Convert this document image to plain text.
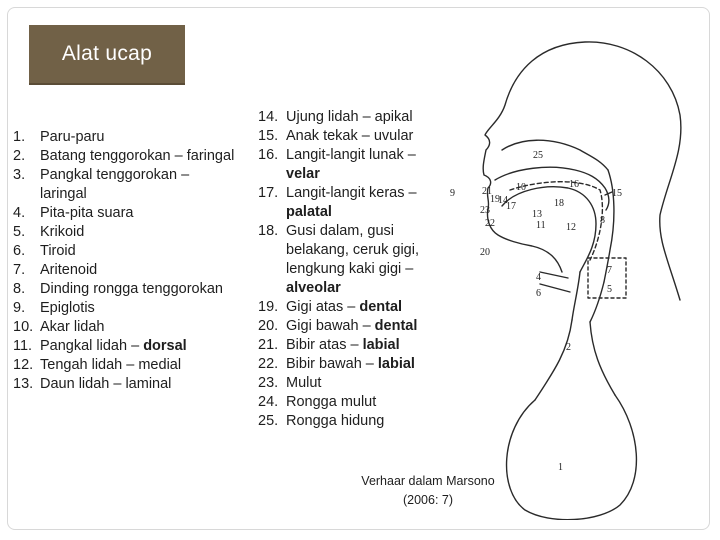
Alat ucap
1.	Paru-paru
2.	Batang tenggorokan – faringal
3.	Pangkal tenggorokan –
laringal
4.	Pita-pita suara
5.	Krikoid
6.	Tiroid
7.	Aritenoid
8.	Dinding rongga tenggorokan
9.	Epiglotis
10. Akar lidah
11. Pangkal lidah – dorsal
12. Tengah lidah – medial
13. Daun lidah – laminal
14. Ujung lidah – apikal
15. Anak tekak – uvular
16. Langit-langit lunak –
velar
17. Langit-langit keras –
palatal
18. Gusi dalam, gusi
belakang, ceruk gigi,
lengkung kaki gigi –
alveolar
19. Gigi atas – dental
20. Gigi bawah – dental
21. Bibir atas – labial
22. Bibir bawah – labial
23. Mulut
24. Rongga mulut
25. Rongga hidung
1
2
4
5
6
7
8
9
10
11 12
13
14
15
16
17	18
19
20
21
22
23
25
Verhaar dalam Marsono
(2006: 7)
